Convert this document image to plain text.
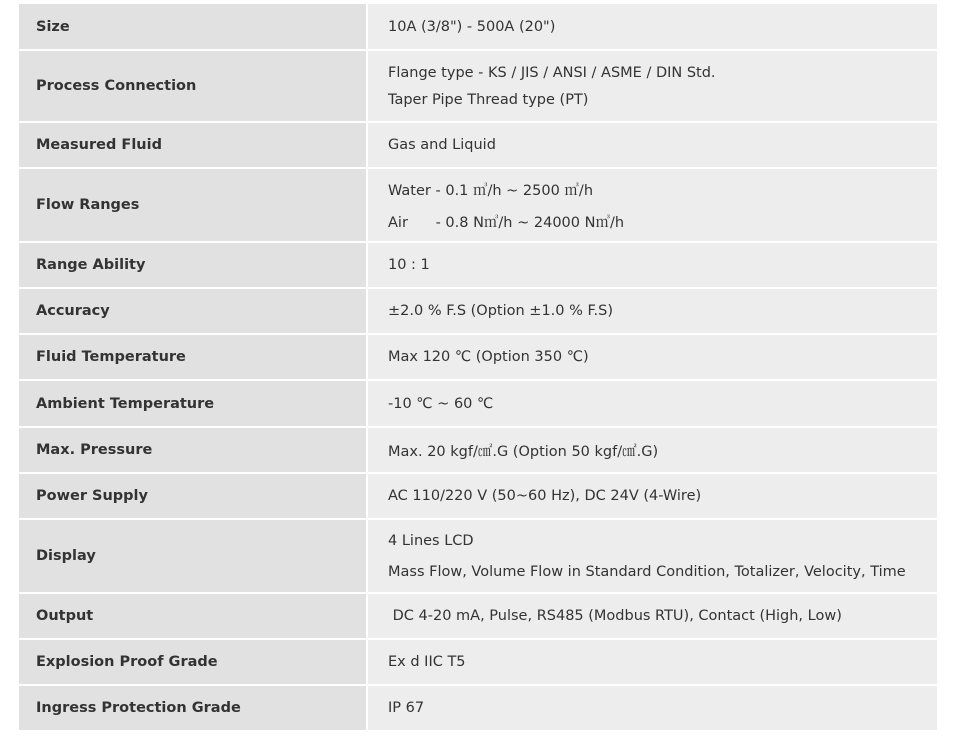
Size	10A (3/8") - 500A (20")

Process Connection	Flange type - KS / JIS / ANSI / ASME / DIN Std.
Taper Pipe Thread type (PT)

Measured Fluid	Gas and Liquid

Flow Ranges	Water - 0.1 ㎥/h ~ 2500 ㎥/h
Air      - 0.8 N㎥/h ~ 24000 N㎥/h

Range Ability	10 : 1

Accuracy	±2.0 % F.S (Option ±1.0 % F.S)

Fluid Temperature	Max 120 ℃ (Option 350 ℃)

Ambient Temperature	-10 ℃ ~ 60 ℃

Max. Pressure	Max. 20 kgf/㎠.G (Option 50 kgf/㎠.G)

Power Supply	AC 110/220 V (50~60 Hz), DC 24V (4-Wire)

Display	4 Lines LCD
Mass Flow, Volume Flow in Standard Condition, Totalizer, Velocity, Time

Output	DC 4-20 mA, Pulse, RS485 (Modbus RTU), Contact (High, Low)

Explosion Proof Grade	Ex d IIC T5

Ingress Protection Grade	IP 67
